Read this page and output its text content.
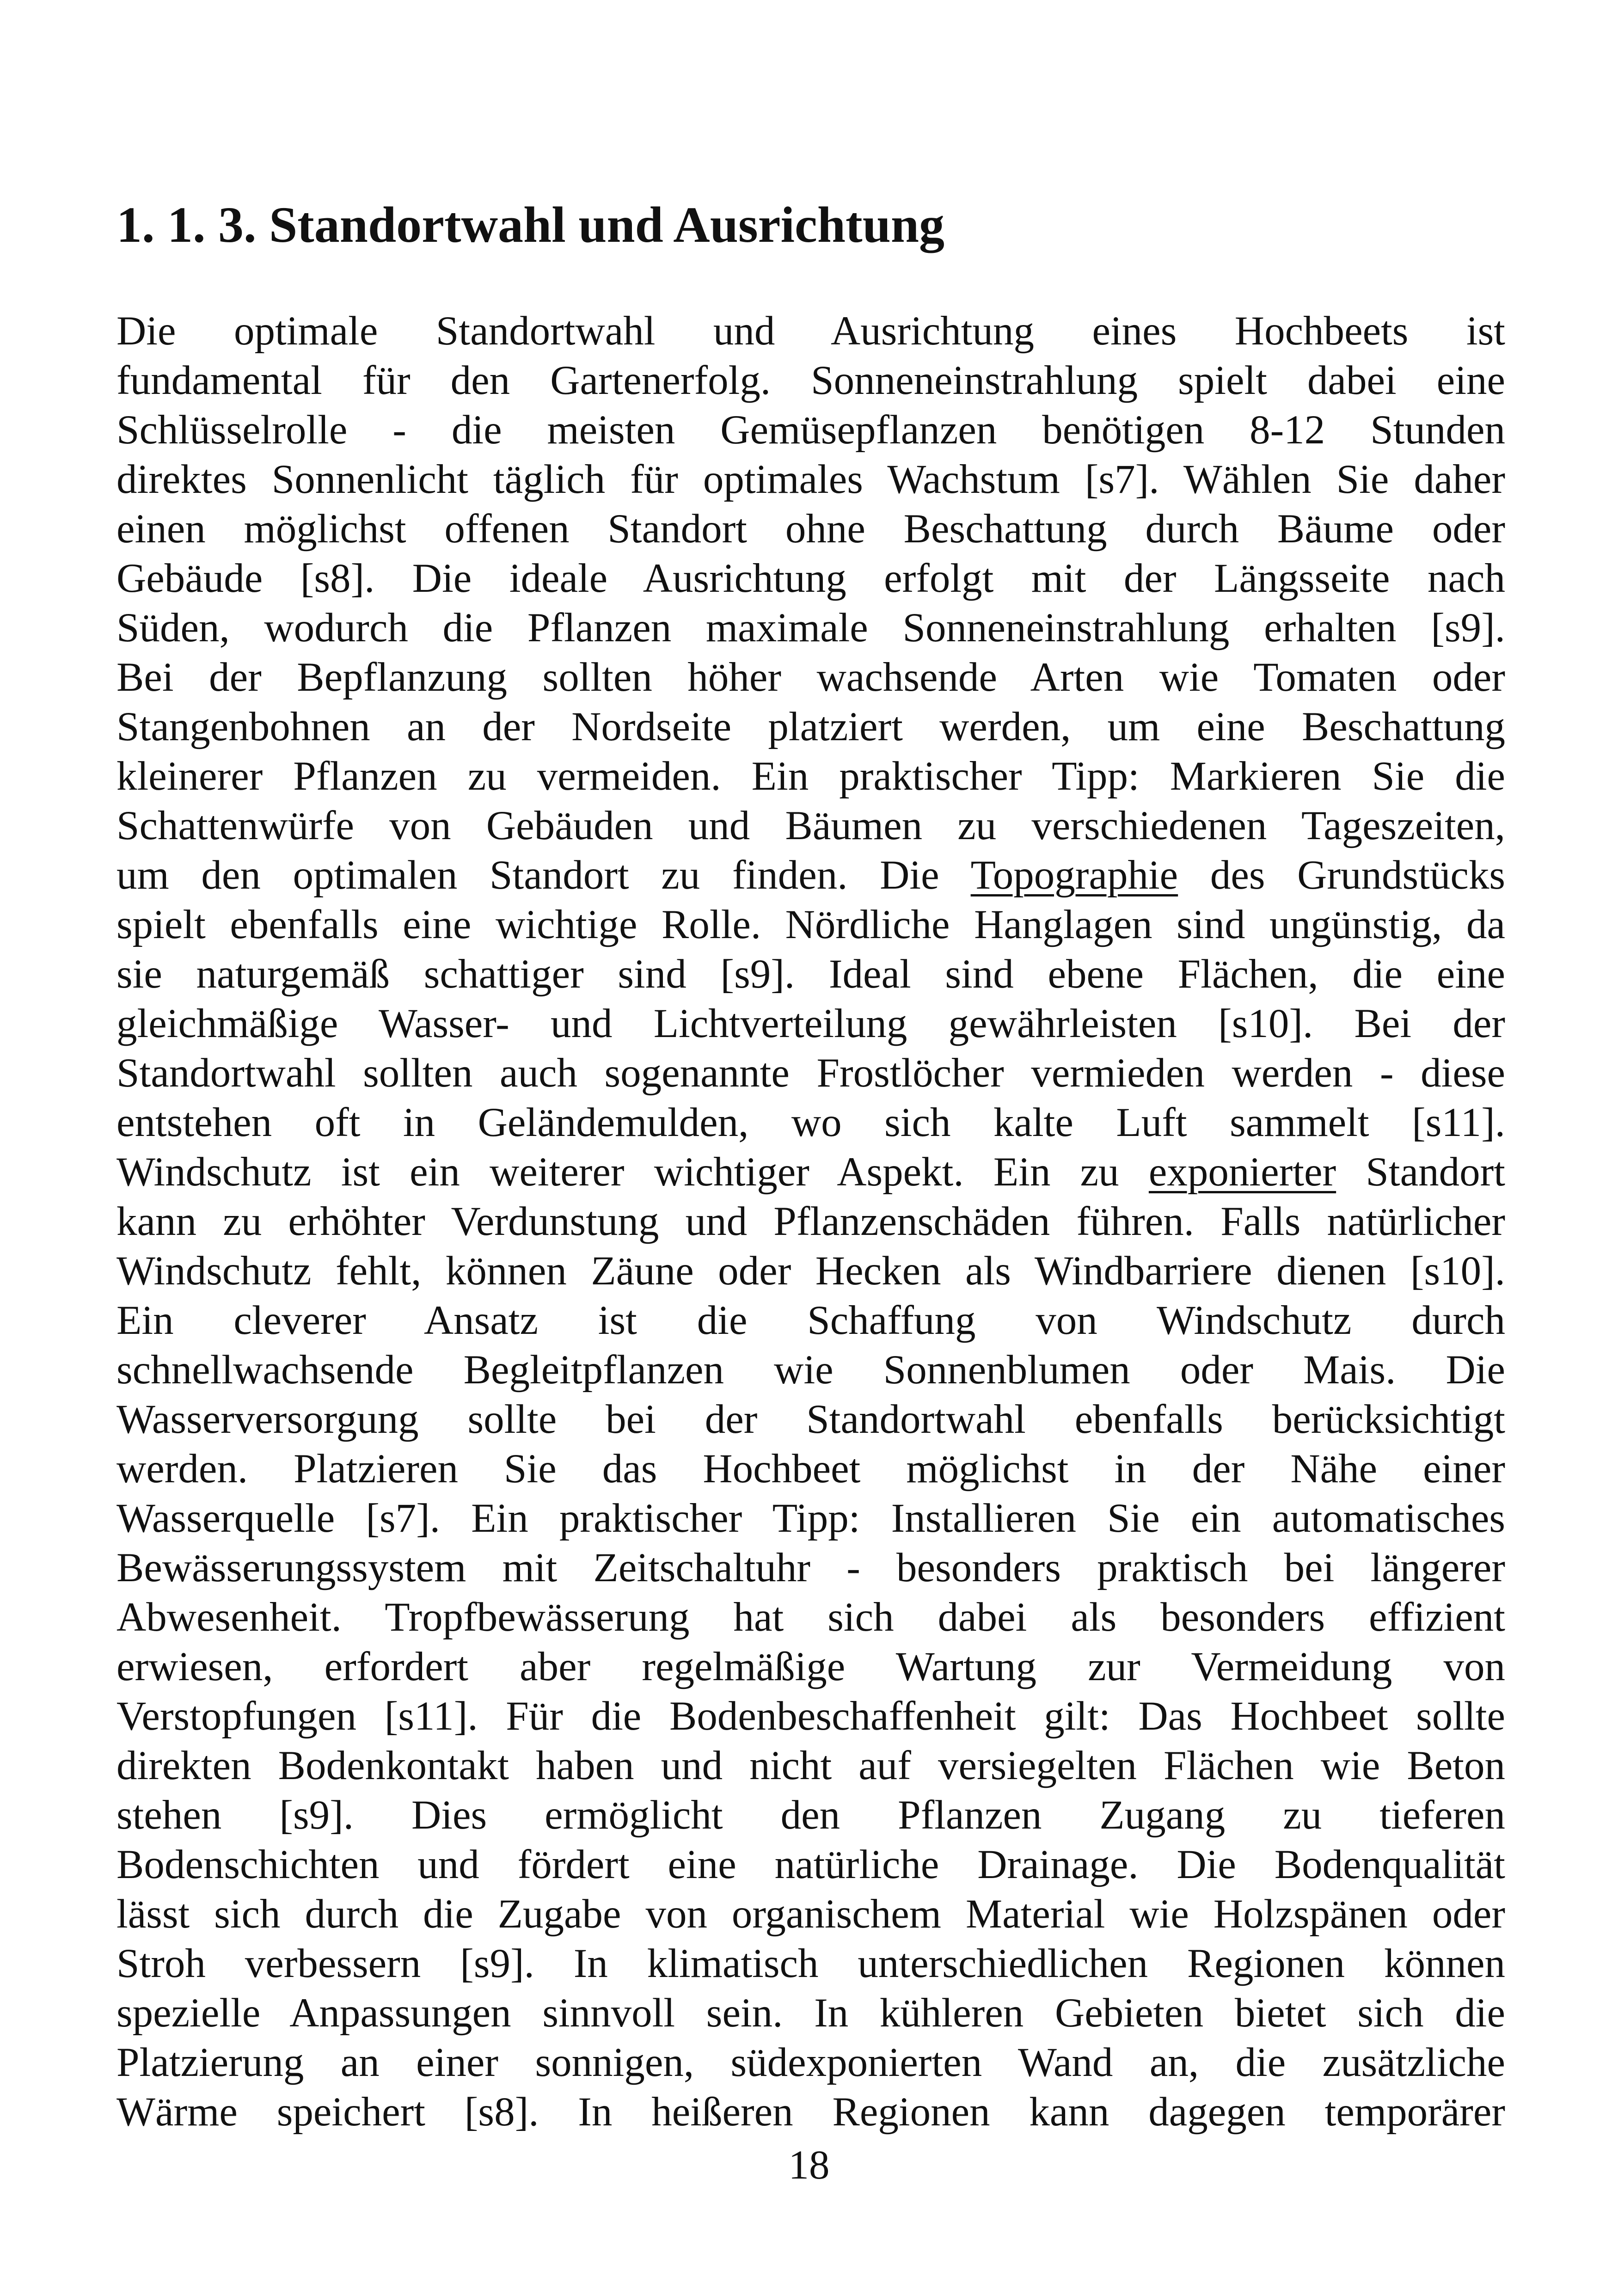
1. 1. 3. Standortwahl und Ausrichtung
Die optimale Standortwahl und Ausrichtung eines Hochbeets ist
fundamental für den Gartenerfolg. Sonneneinstrahlung spielt dabei eine
Schlüsselrolle - die meisten Gemüsepflanzen benötigen 8-12 Stunden
direktes Sonnenlicht täglich für optimales Wachstum [s7]. Wählen Sie daher
einen möglichst offenen Standort ohne Beschattung durch Bäume oder
Gebäude [s8]. Die ideale Ausrichtung erfolgt mit der Längsseite nach
Süden, wodurch die Pflanzen maximale Sonneneinstrahlung erhalten [s9].
Bei der Bepflanzung sollten höher wachsende Arten wie Tomaten oder
Stangenbohnen an der Nordseite platziert werden, um eine Beschattung
kleinerer Pflanzen zu vermeiden. Ein praktischer Tipp: Markieren Sie die
Schattenwürfe von Gebäuden und Bäumen zu verschiedenen Tageszeiten,
um den optimalen Standort zu finden. Die Topographie des Grundstücks
spielt ebenfalls eine wichtige Rolle. Nördliche Hanglagen sind ungünstig, da
sie naturgemäß schattiger sind [s9]. Ideal sind ebene Flächen, die eine
gleichmäßige Wasser- und Lichtverteilung gewährleisten [s10]. Bei der
Standortwahl sollten auch sogenannte Frostlöcher vermieden werden - diese
entstehen oft in Geländemulden, wo sich kalte Luft sammelt [s11].
Windschutz ist ein weiterer wichtiger Aspekt. Ein zu exponierter Standort
kann zu erhöhter Verdunstung und Pflanzenschäden führen. Falls natürlicher
Windschutz fehlt, können Zäune oder Hecken als Windbarriere dienen [s10].
Ein cleverer Ansatz ist die Schaffung von Windschutz durch
schnellwachsende Begleitpflanzen wie Sonnenblumen oder Mais. Die
Wasserversorgung sollte bei der Standortwahl ebenfalls berücksichtigt
werden. Platzieren Sie das Hochbeet möglichst in der Nähe einer
Wasserquelle [s7]. Ein praktischer Tipp: Installieren Sie ein automatisches
Bewässerungssystem mit Zeitschaltuhr - besonders praktisch bei längerer
Abwesenheit. Tropfbewässerung hat sich dabei als besonders effizient
erwiesen, erfordert aber regelmäßige Wartung zur Vermeidung von
Verstopfungen [s11]. Für die Bodenbeschaffenheit gilt: Das Hochbeet sollte
direkten Bodenkontakt haben und nicht auf versiegelten Flächen wie Beton
stehen [s9]. Dies ermöglicht den Pflanzen Zugang zu tieferen
Bodenschichten und fördert eine natürliche Drainage. Die Bodenqualität
lässt sich durch die Zugabe von organischem Material wie Holzspänen oder
Stroh verbessern [s9]. In klimatisch unterschiedlichen Regionen können
spezielle Anpassungen sinnvoll sein. In kühleren Gebieten bietet sich die
Platzierung an einer sonnigen, südexponierten Wand an, die zusätzliche
Wärme speichert [s8]. In heißeren Regionen kann dagegen temporärer
18
